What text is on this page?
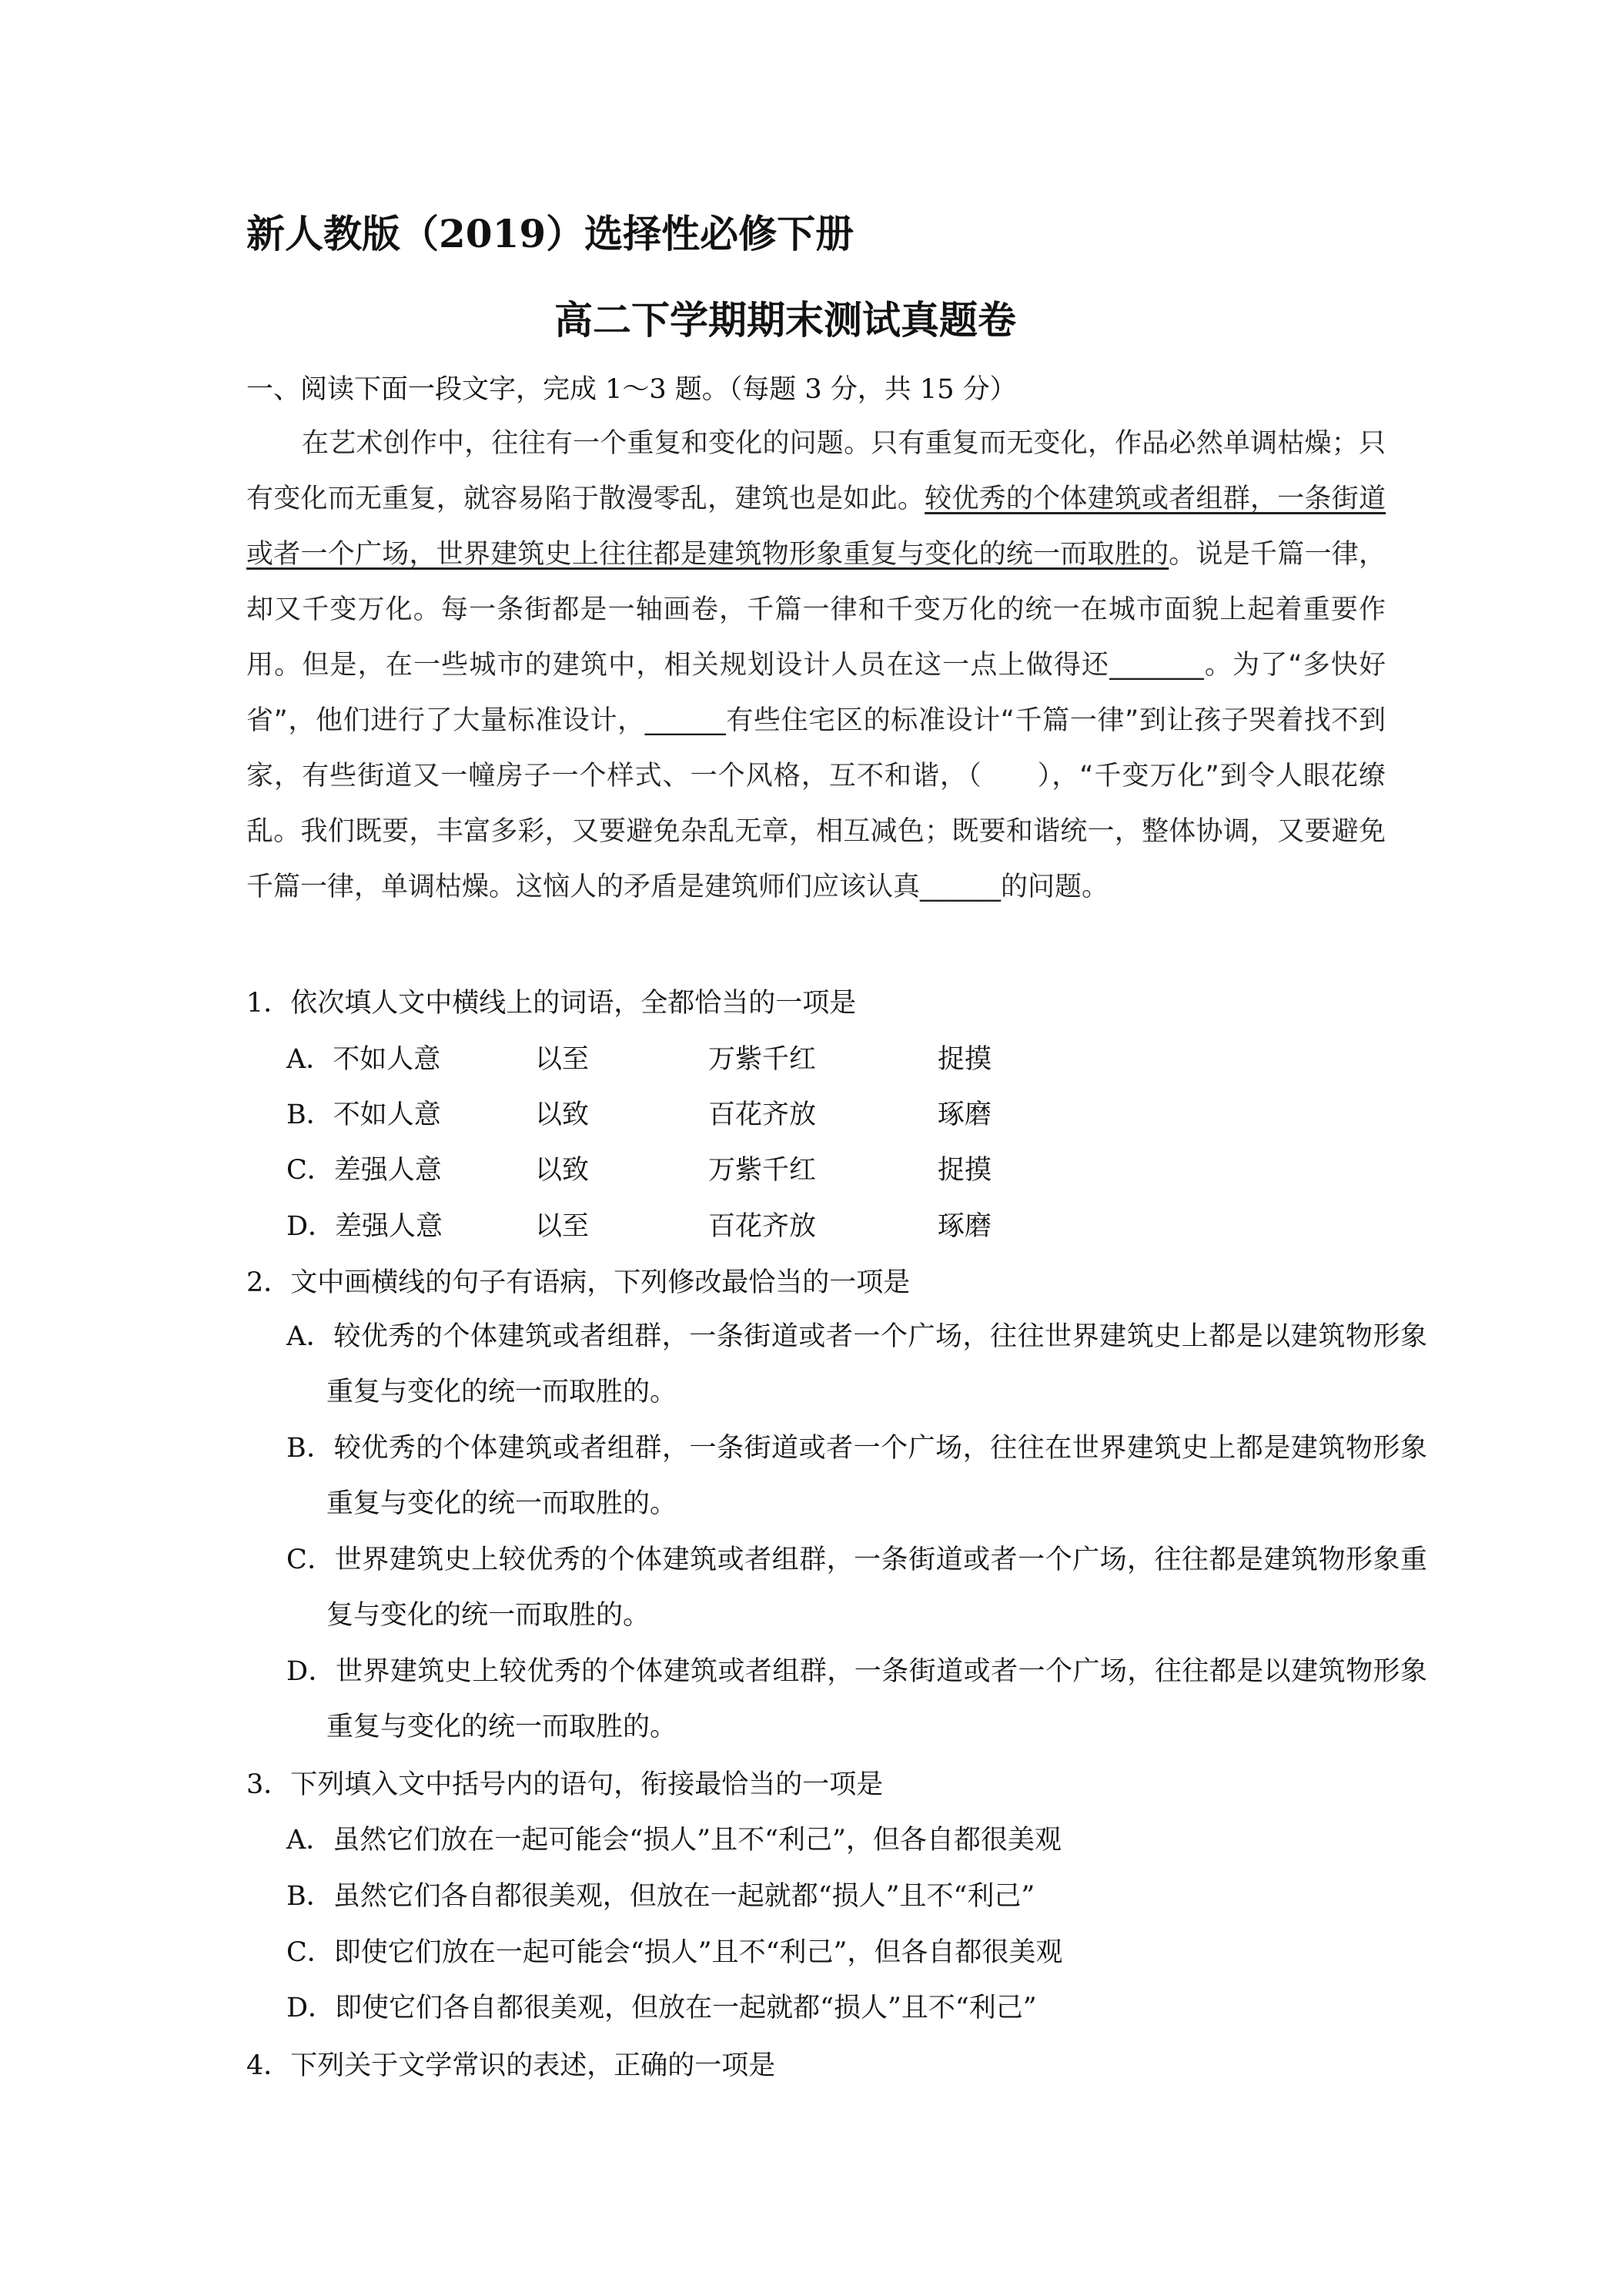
新人教版（2019）选择性必修下册
高二下学期期末测试真题卷
一、阅读下面一段文字，完成 1～3 题。（每题 3 分，共 15 分）
在艺术创作中，往往有一个重复和变化的问题。只有重复而无变化，作品必然单调枯燥；只有变化而无重复，就容易陷于散漫零乱，建筑也是如此。较优秀的个体建筑或者组群，一条街道或者一个广场，世界建筑史上往往都是建筑物形象重复与变化的统一而取胜的。说是千篇一律，却又千变万化。每一条街都是一轴画卷，千篇一律和千变万化的统一在城市面貌上起着重要作用。但是，在一些城市的建筑中，相关规划设计人员在这一点上做得还_______。为了“多快好省”，他们进行了大量标准设计，______有些住宅区的标准设计“千篇一律”到让孩子哭着找不到家，有些街道又一幢房子一个样式、一个风格，互不和谐，（　　），“千变万化”到令人眼花缭乱。我们既要，丰富多彩，又要避免杂乱无章，相互减色；既要和谐统一，整体协调，又要避免千篇一律，单调枯燥。这恼人的矛盾是建筑师们应该认真______的问题。
1．依次填人文中横线上的词语，全都恰当的一项是
A．不如人意	以至	万紫千红	捉摸
B．不如人意	以致	百花齐放	琢磨
C．差强人意	以致	万紫千红	捉摸
D．差强人意	以至	百花齐放	琢磨
2．文中画横线的句子有语病，下列修改最恰当的一项是
A．较优秀的个体建筑或者组群，一条街道或者一个广场，往往世界建筑史上都是以建筑物形象重复与变化的统一而取胜的。
B．较优秀的个体建筑或者组群，一条街道或者一个广场，往往在世界建筑史上都是建筑物形象重复与变化的统一而取胜的。
C．世界建筑史上较优秀的个体建筑或者组群，一条街道或者一个广场，往往都是建筑物形象重复与变化的统一而取胜的。
D．世界建筑史上较优秀的个体建筑或者组群，一条街道或者一个广场，往往都是以建筑物形象重复与变化的统一而取胜的。
3．下列填入文中括号内的语句，衔接最恰当的一项是
A．虽然它们放在一起可能会“损人”且不“利己”，但各自都很美观
B．虽然它们各自都很美观，但放在一起就都“损人”且不“利己”
C．即使它们放在一起可能会“损人”且不“利己”，但各自都很美观
D．即使它们各自都很美观，但放在一起就都“损人”且不“利己”
4．下列关于文学常识的表述，正确的一项是
